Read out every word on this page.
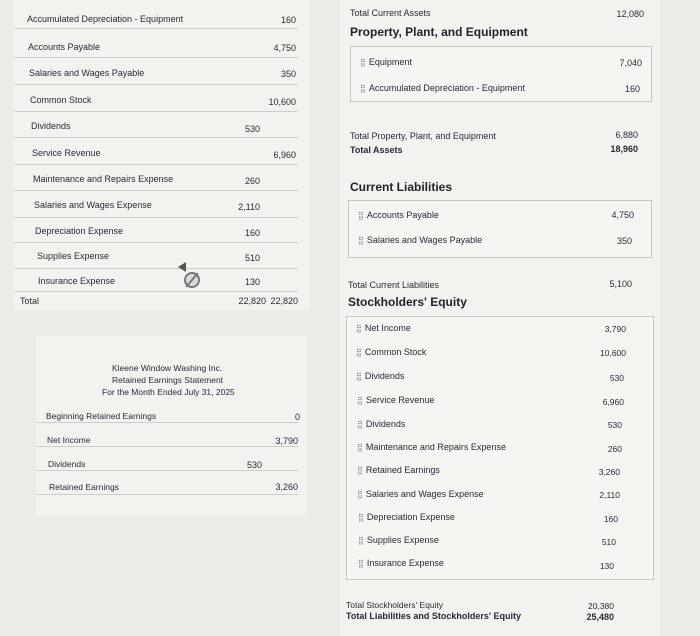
Accumulated Depreciation - Equipment	160
Accounts Payable	4,750
Salaries and Wages Payable	350
Common Stock	10,600
Dividends	530
Service Revenue	6,960
Maintenance and Repairs Expense	260
Salaries and Wages Expense	2,110
Depreciation Expense	160
Supplies Expense	510
Insurance Expense	130
Total	22,820 22,820
Kleene Window Washing Inc.
Retained Earnings Statement
For the Month Ended July 31, 2025
Beginning Retained Earnings	0
Net Income	3,790
Dividends	530
Retained Earnings	3,260
Total Current Assets	12,080
Property, Plant, and Equipment
⣿ Equipment	7,040
⣿ Accumulated Depreciation - Equipment	160
Total Property, Plant, and Equipment	6,880
Total Assets	18,960
Current Liabilities
⣿ Accounts Payable	4,750
⣿ Salaries and Wages Payable	350
Total Current Liabilities	5,100
Stockholders' Equity
⣿ Net Income	3,790
⣿ Common Stock	10,600
⣿ Dividends	530
⣿ Service Revenue	6,960
⣿ Dividends	530
⣿ Maintenance and Repairs Expense	260
⣿ Retained Earnings	3,260
⣿ Salaries and Wages Expense	2,110
⣿ Depreciation Expense	160
⣿ Supplies Expense	510
⣿ Insurance Expense	130
Total Stockholders' Equity	20,380
Total Liabilities and Stockholders' Equity	25,480
